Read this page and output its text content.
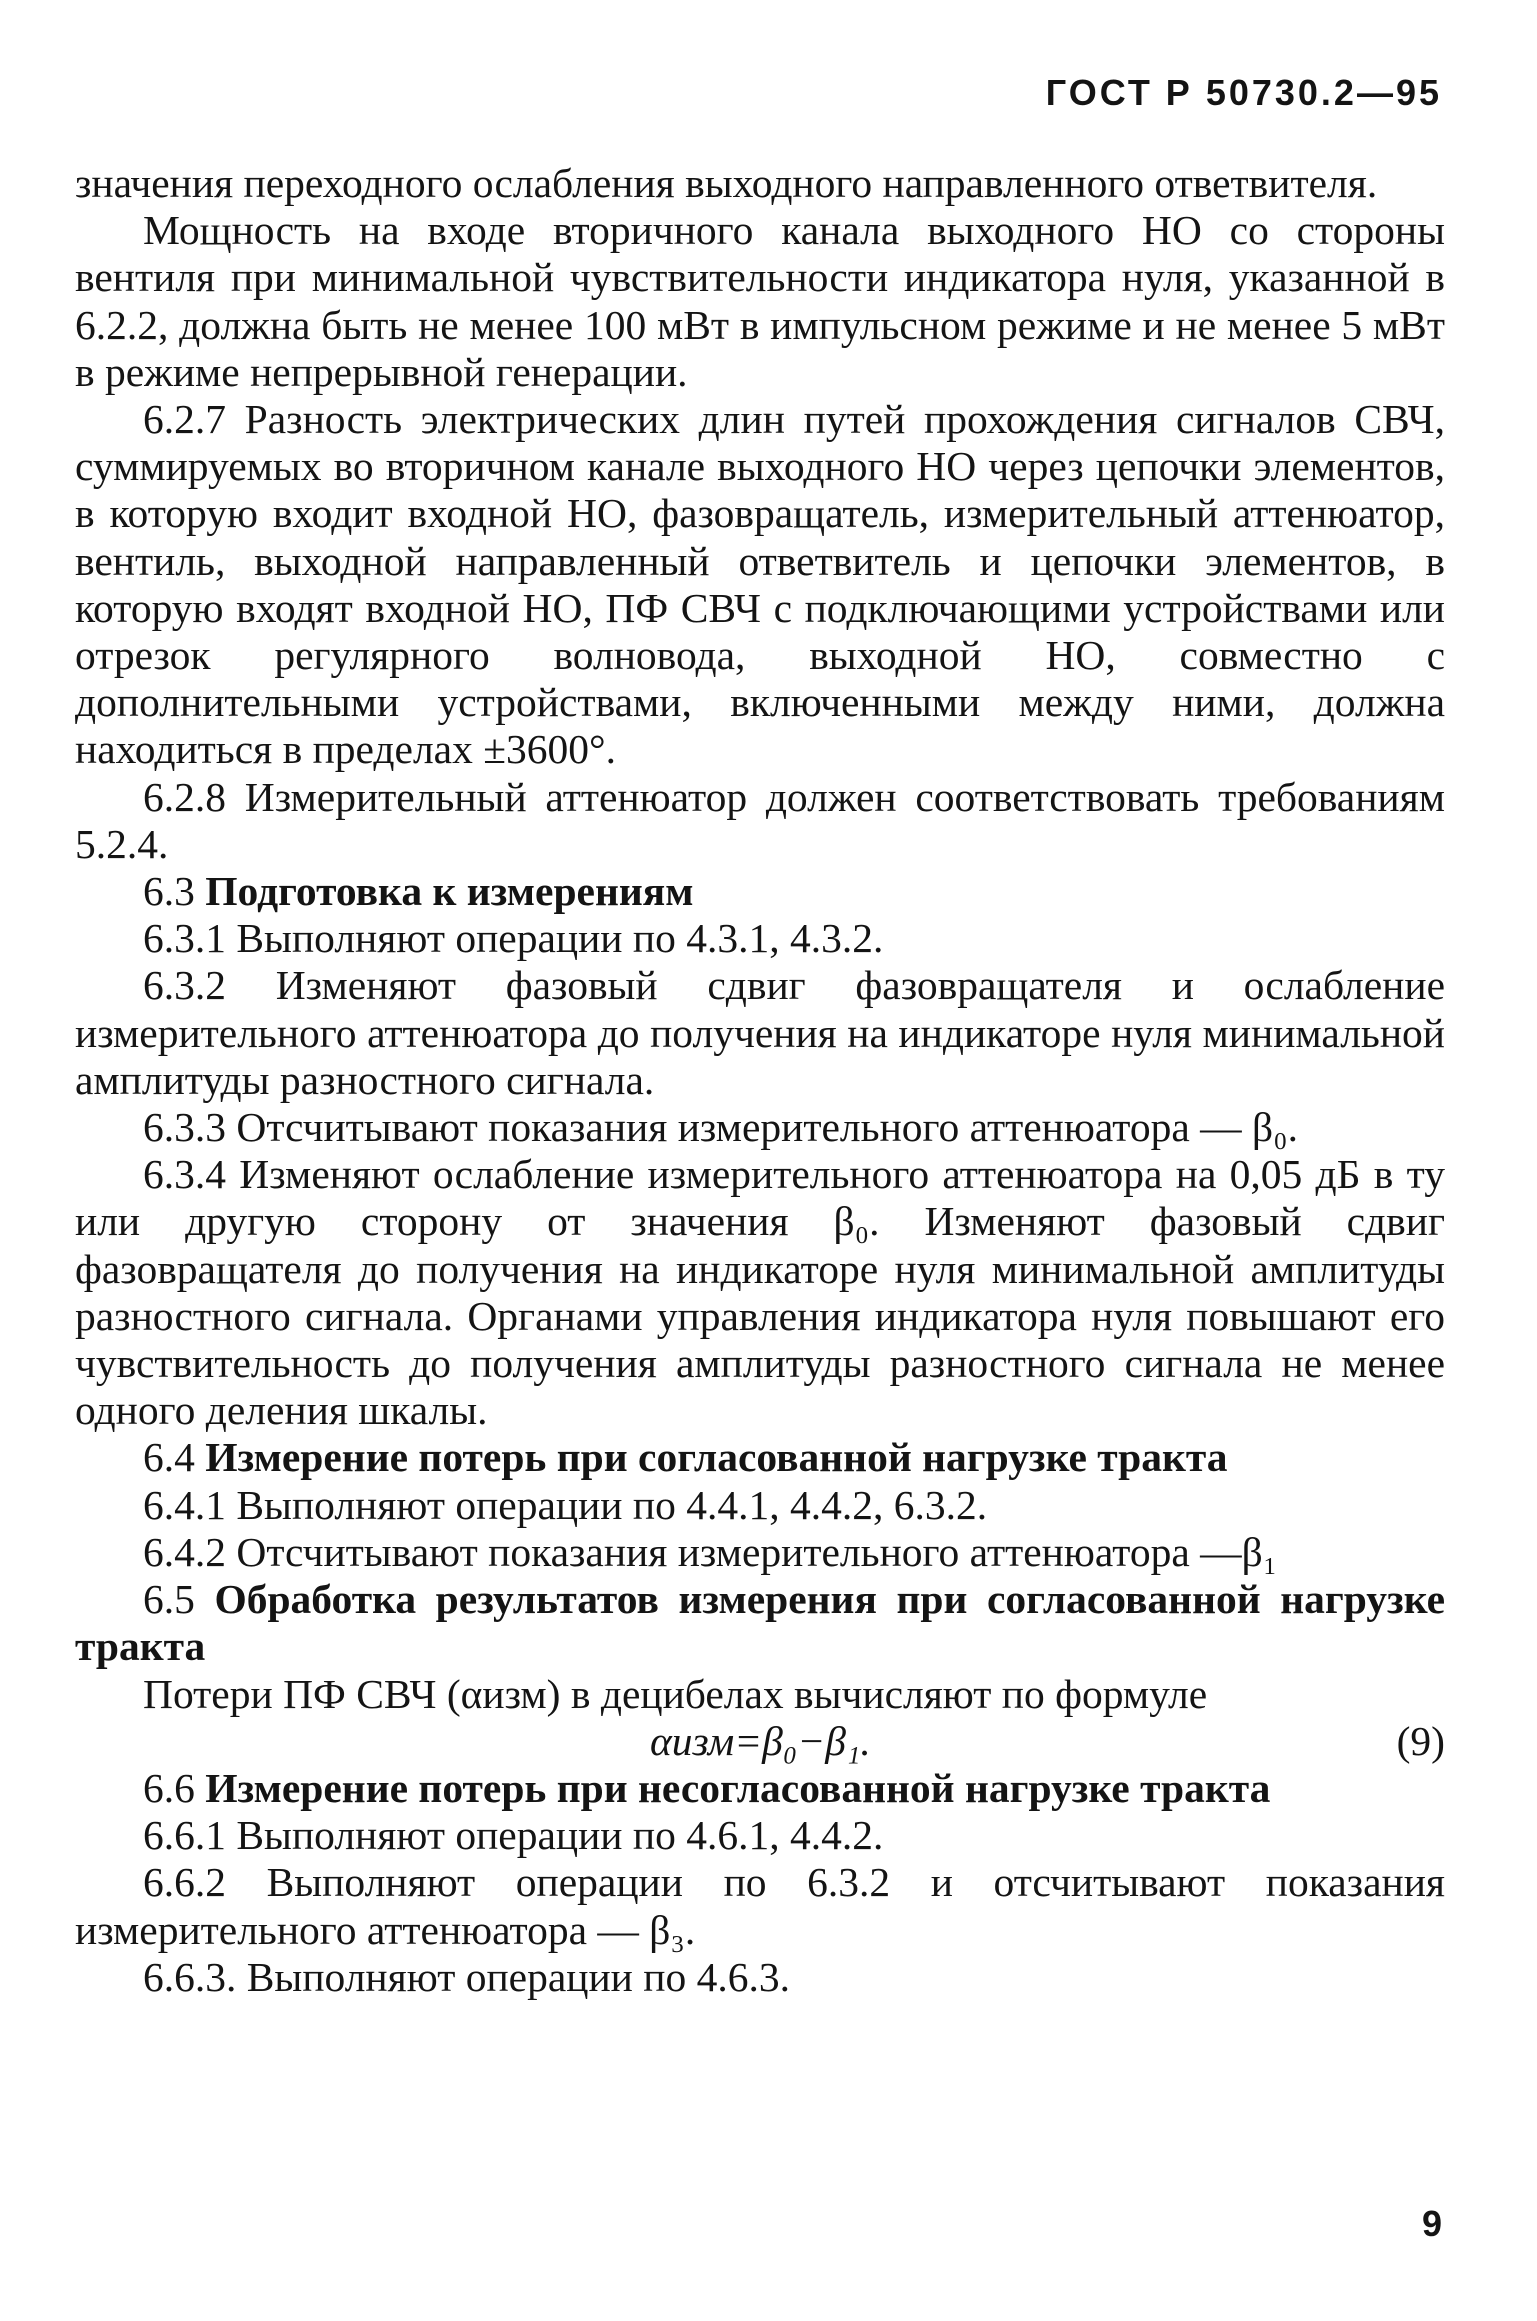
ГОСТ Р 50730.2—95

значения переходного ослабления выходного направленного ответвителя.

Мощность на входе вторичного канала выходного НО со стороны вентиля при минимальной чувствительности индикатора нуля, указанной в 6.2.2, должна быть не менее 100 мВт в импульсном режиме и не менее 5 мВт в режиме непрерывной генерации.

6.2.7 Разность электрических длин путей прохождения сигналов СВЧ, суммируемых во вторичном канале выходного НО через цепочки элементов, в которую входит входной НО, фазовращатель, измерительный аттенюатор, вентиль, выходной направленный ответвитель и цепочки элементов, в которую входят входной НО, ПФ СВЧ с подключающими устройствами или отрезок регулярного волновода, выходной НО, совместно с дополнительными устройствами, включенными между ними, должна находиться в пределах ±3600°.

6.2.8 Измерительный аттенюатор должен соответствовать требованиям 5.2.4.

6.3 Подготовка к измерениям

6.3.1 Выполняют операции по 4.3.1, 4.3.2.

6.3.2 Изменяют фазовый сдвиг фазовращателя и ослабление измерительного аттенюатора до получения на индикаторе нуля минимальной амплитуды разностного сигнала.

6.3.3 Отсчитывают показания измерительного аттенюатора — β₀.

6.3.4 Изменяют ослабление измерительного аттенюатора на 0,05 дБ в ту или другую сторону от значения β₀. Изменяют фазовый сдвиг фазовращателя до получения на индикаторе нуля минимальной амплитуды разностного сигнала. Органами управления индикатора нуля повышают его чувствительность до получения амплитуды разностного сигнала не менее одного деления шкалы.

6.4 Измерение потерь при согласованной нагрузке тракта

6.4.1 Выполняют операции по 4.4.1, 4.4.2, 6.3.2.

6.4.2 Отсчитывают показания измерительного аттенюатора —β₁

6.5 Обработка результатов измерения при согласованной нагрузке тракта

Потери ПФ СВЧ (αизм) в децибелах вычисляют по формуле

αизм=β₀−β₁.	(9)

6.6 Измерение потерь при несогласованной нагрузке тракта

6.6.1 Выполняют операции по 4.6.1, 4.4.2.

6.6.2 Выполняют операции по 6.3.2 и отсчитывают показания измерительного аттенюатора — β₃.

6.6.3. Выполняют операции по 4.6.3.

9
